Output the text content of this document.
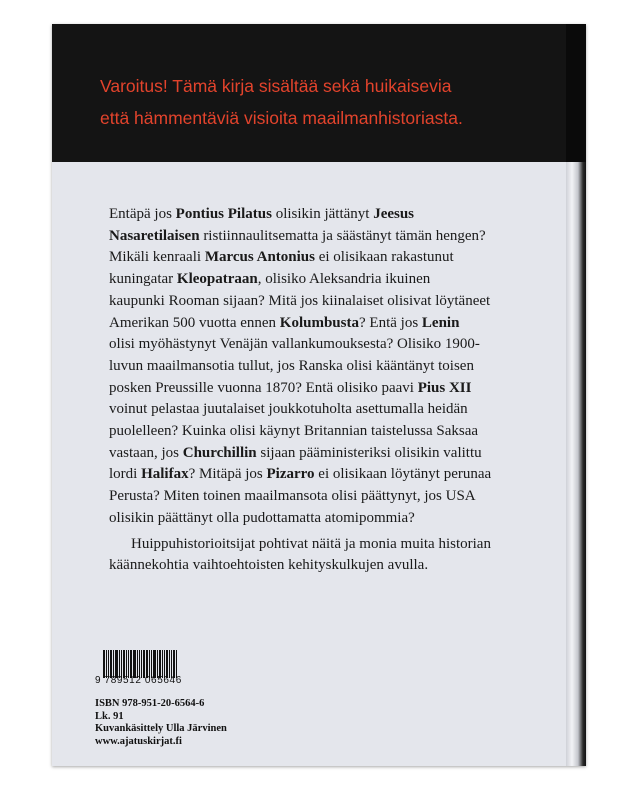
Varoitus! Tämä kirja sisältää sekä huikaisevia
että hämmentäviä visioita maailmanhistoriasta.
Entäpä jos Pontius Pilatus olisikin jättänyt Jeesus
Nasaretilaisen ristiinnaulitsematta ja säästänyt tämän hengen?
Mikäli kenraali Marcus Antonius ei olisikaan rakastunut
kuningatar Kleopatraan, olisiko Aleksandria ikuinen
kaupunki Rooman sijaan? Mitä jos kiinalaiset olisivat löytäneet
Amerikan 500 vuotta ennen Kolumbusta? Entä jos Lenin
olisi myöhästynyt Venäjän vallankumouksesta? Olisiko 1900-
luvun maailmansotia tullut, jos Ranska olisi kääntänyt toisen
posken Preussille vuonna 1870? Entä olisiko paavi Pius XII
voinut pelastaa juutalaiset joukkotuholta asettumalla heidän
puolelleen? Kuinka olisi käynyt Britannian taistelussa Saksaa
vastaan, jos Churchillin sijaan pääministeriksi olisikin valittu
lordi Halifax? Mitäpä jos Pizarro ei olisikaan löytänyt perunaa
Perusta? Miten toinen maailmansota olisi päättynyt, jos USA
olisikin päättänyt olla pudottamatta atomipommia?
Huippuhistorioitsijat pohtivat näitä ja monia muita historian
käännekohtia vaihtoehtoisten kehityskulkujen avulla.
9 789512 065646
ISBN 978-951-20-6564-6
Lk. 91
Kuvankäsittely Ulla Järvinen
www.ajatuskirjat.fi
